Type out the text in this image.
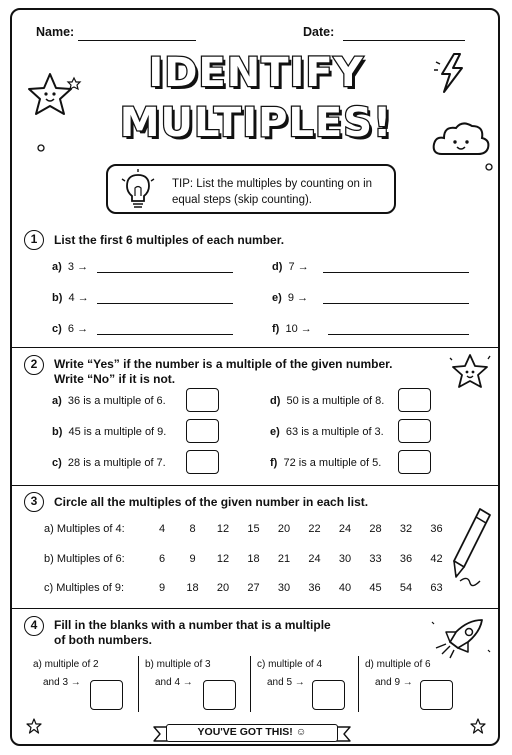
Name:	Date:
IDENTIFY
MULTIPLES!
TIP: List the multiples by counting on in equal steps (skip counting).
1	List the first 6 multiples of each number.
a) 3 →	d) 7 →
b) 4 →	e) 9 →
c) 6 →	f) 10 →
2	Write “Yes” if the number is a multiple of the given number.
Write “No” if it is not.
a) 36 is a multiple of 6.	d) 50 is a multiple of 8.
b) 45 is a multiple of 9.	e) 63 is a multiple of 3.
c) 28 is a multiple of 7.	f) 72 is a multiple of 5.
3	Circle all the multiples of the given number in each list.
a) Multiples of 4:	4	8	12	15	20	22	24	28	32	36
b) Multiples of 6:	6	9	12	18	21	24	30	33	36	42
c) Multiples of 9:	9	18	20	27	30	36	40	45	54	63
4	Fill in the blanks with a number that is a multiple
of both numbers.
a) multiple of 2
and 3 →
b) multiple of 3
and 4 →
c) multiple of 4
and 5 →
d) multiple of 6
and 9 →
YOU'VE GOT THIS! ☺
